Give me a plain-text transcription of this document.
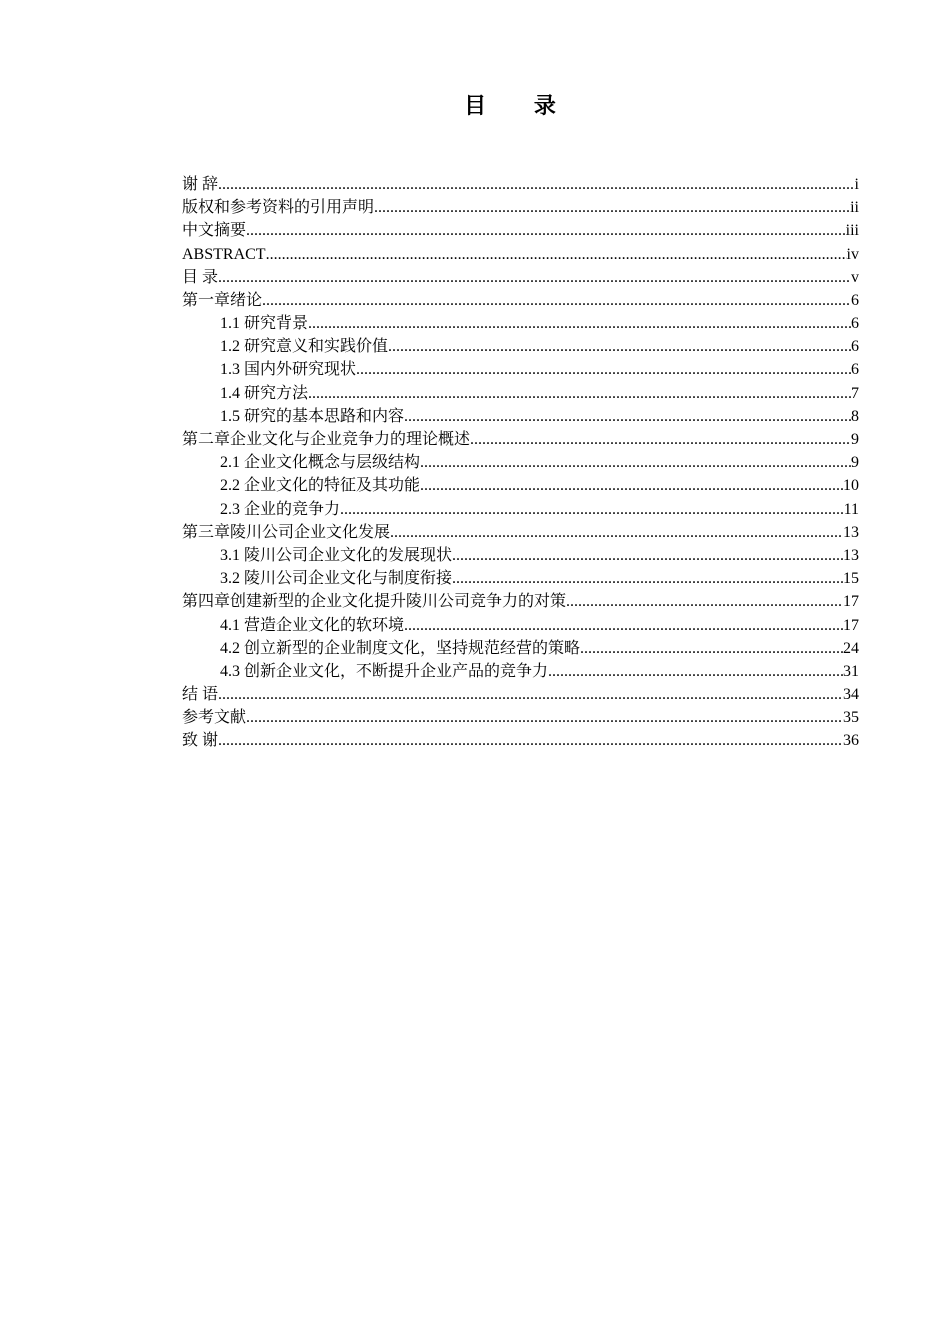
目 录
谢 辞 .....	i
版权和参考资料的引用声明 .....	ii
中文摘要 .....	iii
ABSTRACT .....	iv
目 录 .....	v
第一章绪论 .....	6
1.1 研究背景 .....	6
1.2 研究意义和实践价值 .....	6
1.3 国内外研究现状 .....	6
1.4 研究方法 .....	7
1.5 研究的基本思路和内容 .....	8
第二章企业文化与企业竞争力的理论概述 .....	9
2.1 企业文化概念与层级结构 .....	9
2.2 企业文化的特征及其功能 .....	10
2.3 企业的竞争力 .....	11
第三章陵川公司企业文化发展 .....	13
3.1 陵川公司企业文化的发展现状 .....	13
3.2 陵川公司企业文化与制度衔接 .....	15
第四章创建新型的企业文化提升陵川公司竞争力的对策 .....	17
4.1 营造企业文化的软环境 .....	17
4.2 创立新型的企业制度文化，坚持规范经营的策略 .....	24
4.3 创新企业文化，不断提升企业产品的竞争力 .....	31
结 语 .....	34
参考文献 .....	35
致 谢 .....	36
